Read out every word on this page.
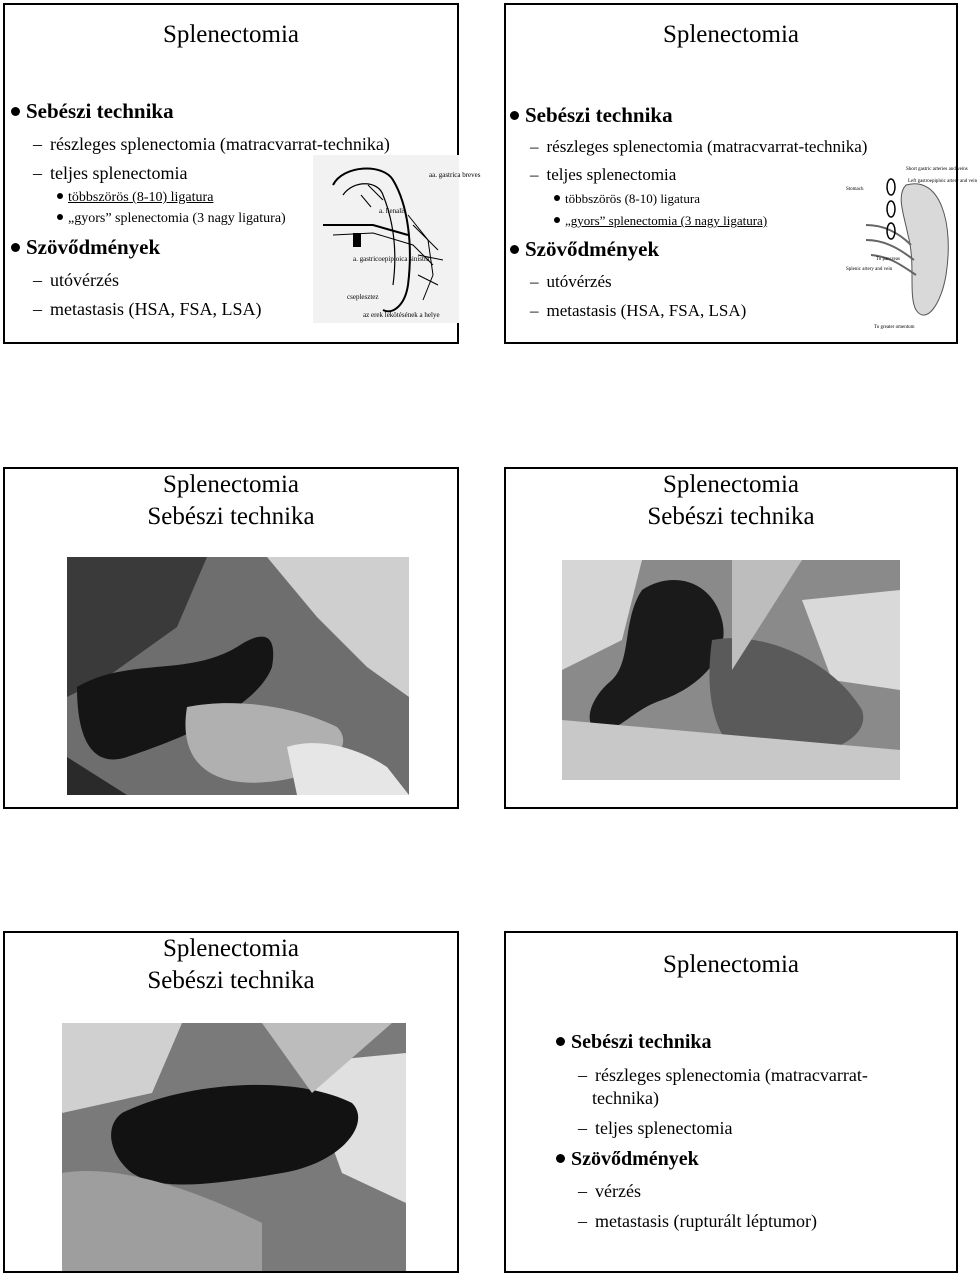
Splenectomia
Sebészi technika
– részleges splenectomia (matracvarrat-technika)
– teljes splenectomia
többszörös (8-10) ligatura
„gyors” splenectomia (3 nagy ligatura)
Szövődmények
– utóvérzés
– metastasis (HSA, FSA, LSA)
aa. gastrica breves
a. lienalis
a. gastricoepiploica sinistra
cseplesztez
az erek lekötésének a helye
Splenectomia
Sebészi technika
– részleges splenectomia (matracvarrat-technika)
– teljes splenectomia
többszörös (8-10) ligatura
„gyors” splenectomia (3 nagy ligatura)
Szövődmények
– utóvérzés
– metastasis (HSA, FSA, LSA)
Stomach
Short gastric arteries and veins
Left gastroepiploic artery and vein
To pancreas
Splenic artery and vein
To greater omentum
Splenectomia
Sebészi technika
Splenectomia
Sebészi technika
Splenectomia
Sebészi technika
Splenectomia
Sebészi technika
– részleges splenectomia (matracvarrat-
technika)
– teljes splenectomia
Szövődmények
– vérzés
– metastasis (rupturált léptumor)
